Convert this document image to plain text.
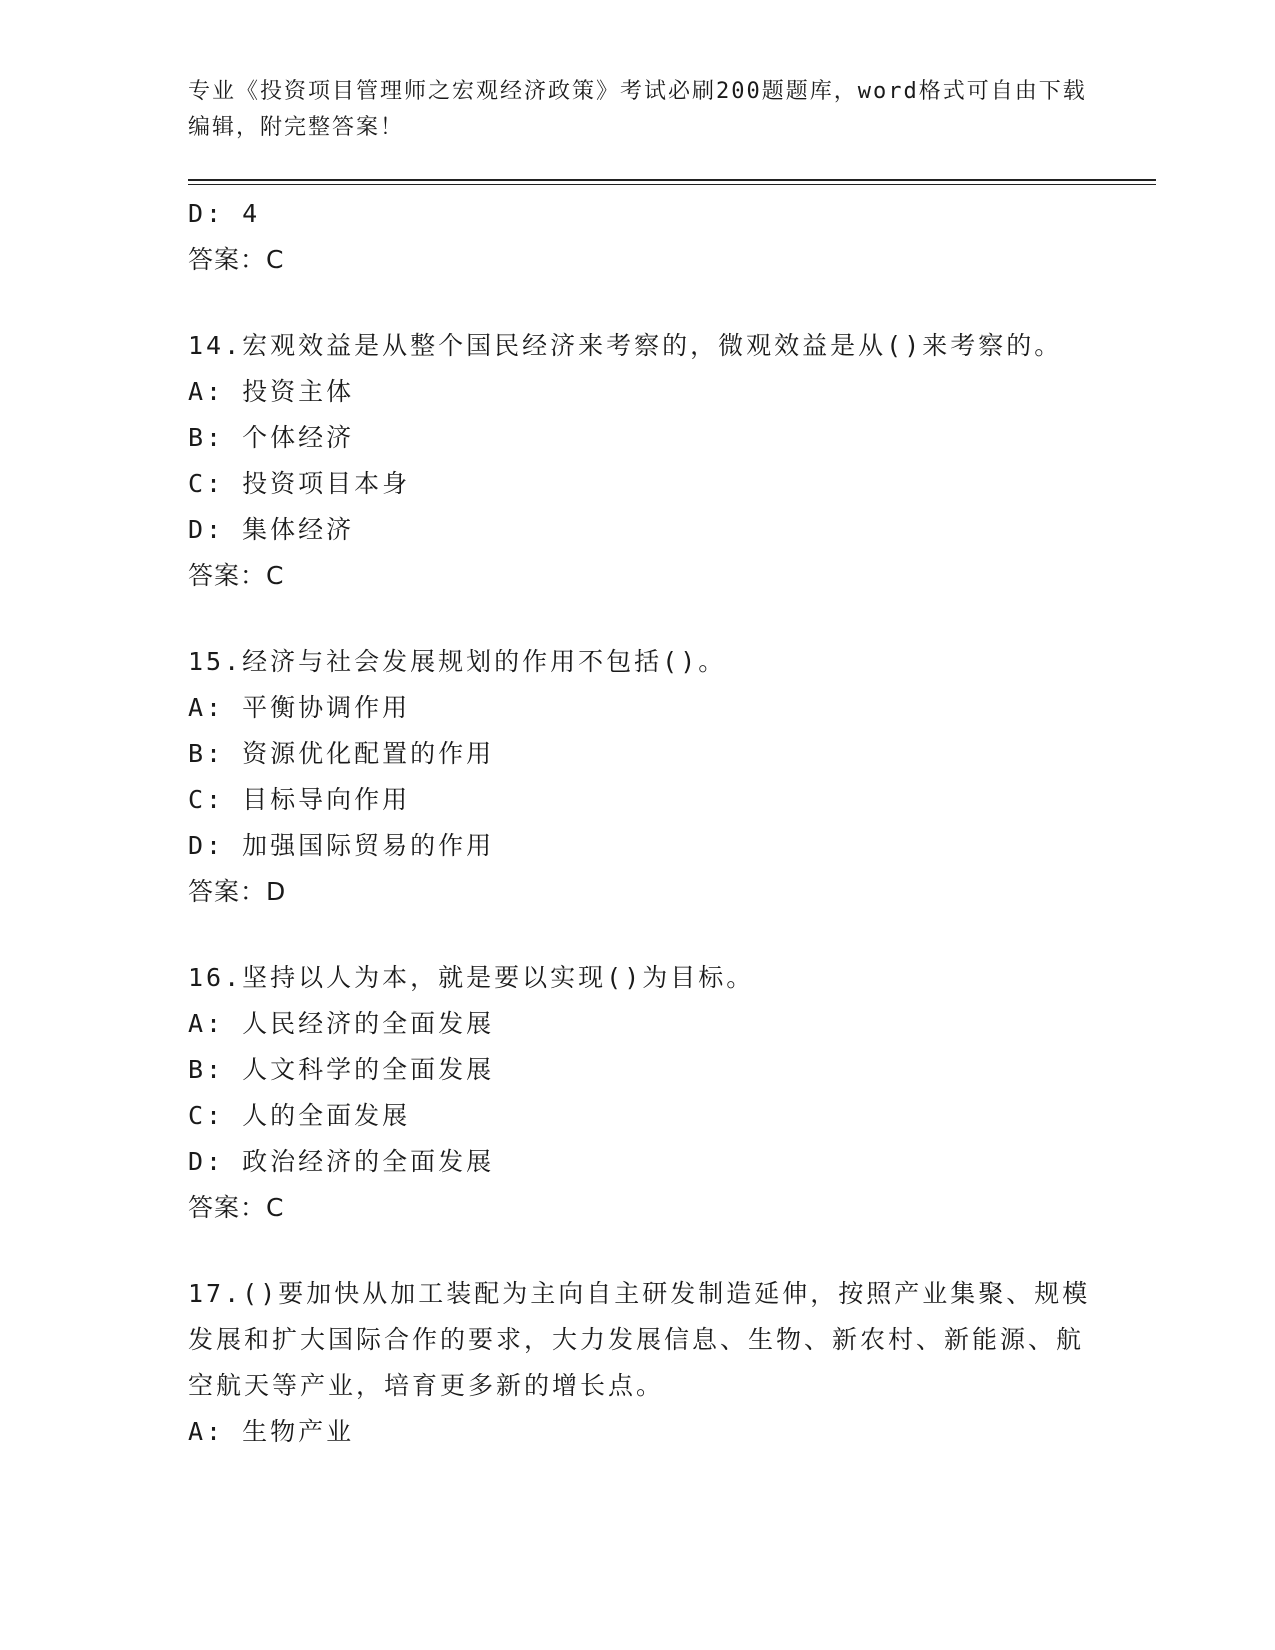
专业《投资项目管理师之宏观经济政策》考试必刷200题题库，word格式可自由下载编辑，附完整答案！

D: 4

答案：C

14.宏观效益是从整个国民经济来考察的，微观效益是从()来考察的。

A: 投资主体

B: 个体经济

C: 投资项目本身

D: 集体经济

答案：C

15.经济与社会发展规划的作用不包括()。

A: 平衡协调作用

B: 资源优化配置的作用

C: 目标导向作用

D: 加强国际贸易的作用

答案：D

16.坚持以人为本，就是要以实现()为目标。

A: 人民经济的全面发展

B: 人文科学的全面发展

C: 人的全面发展

D: 政治经济的全面发展

答案：C

17.()要加快从加工装配为主向自主研发制造延伸，按照产业集聚、规模发展和扩大国际合作的要求，大力发展信息、生物、新农村、新能源、航空航天等产业，培育更多新的增长点。

A: 生物产业
